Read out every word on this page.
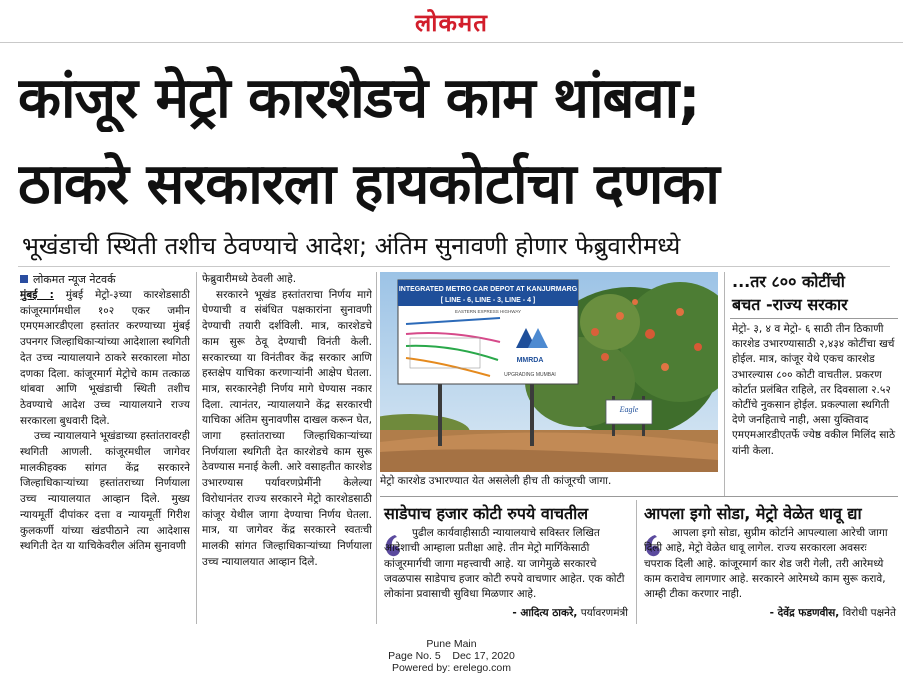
लोकमत
कांजूर मेट्रो कारशेडचे काम थांबवा;
ठाकरे सरकारला हायकोर्टाचा दणका
भूखंडाची स्थिती तशीच ठेवण्याचे आदेश; अंतिम सुनावणी होणार फेब्रुवारीमध्ये
लोकमत न्यूज नेटवर्क

मुंबई : मुंबई मेट्रो-३च्या कारशेडसाठी कांजूरमार्गमधील १०२ एकर जमीन एमएमआरडीएला हस्तांतर करण्याच्या मुंबई उपनगर जिल्हाधिकाऱ्यांच्या आदेशाला स्थगिती देत उच्च न्यायालयाने ठाकरे सरकारला मोठा दणका दिला. कांजूरमार्ग मेट्रोचे काम तत्काळ थांबवा आणि भूखंडाची स्थिती तशीच ठेवण्याचे आदेश उच्च न्यायालयाने राज्य सरकारला बुधवारी दिले.

उच्च न्यायालयाने भूखंडाच्या हस्तांतरावरही स्थगिती आणली. कांजूरमधील जागेवर मालकीहक्क सांगत केंद्र सरकारने जिल्हाधिकाऱ्यांच्या हस्तांतराच्या निर्णयाला उच्च न्यायालयात आव्हान दिले. मुख्य न्यायमूर्ती दीपांकर दत्ता व न्यायमूर्ती गिरीश कुलकर्णी यांच्या खंडपीठाने त्या आदेशास स्थगिती देत या याचिकेवरील अंतिम सुनावणी

फेब्रुवारीमध्ये ठेवली आहे.

सरकारने भूखंड हस्तांतराचा निर्णय मागे घेण्याची व संबंधित पक्षकारांना सुनावणी देण्याची तयारी दर्शविली. मात्र, कारशेडचे काम सुरू ठेवू देण्याची विनंती केली. सरकारच्या या विनंतीवर केंद्र सरकार आणि हस्तक्षेप याचिका करणाऱ्यांनी आक्षेप घेतला. मात्र, सरकारनेही निर्णय मागे घेण्यास नकार दिला. त्यानंतर, न्यायालयाने केंद्र सरकारची याचिका अंतिम सुनावणीस दाखल करून घेत, जागा हस्तांतराच्या जिल्हाधिकाऱ्यांच्या निर्णयाला स्थगिती देत कारशेडचे काम सुरू ठेवण्यास मनाई केली. आरे वसाहतीत कारशेड उभारण्यास पर्यावरणप्रेमींनी केलेल्या विरोधानंतर राज्य सरकारने मेट्रो कारशेडसाठी कांजूर येथील जागा देण्याचा निर्णय घेतला. मात्र, या जागेवर केंद्र सरकारने स्वतःची मालकी सांगत जिल्हाधिकाऱ्यांच्या निर्णयाला उच्च न्यायालयात आव्हान दिले.

INTEGRATED METRO CAR DEPOT AT KANJURMARG
[ LINE - 6, LINE - 3, LINE - 4 ]
EASTERN EXPRESS HIGHWAY
MMRDA
UPGRADING MUMBAI
Eagle
मेट्रो कारशेड उभारण्यात येत असलेली हीच ती कांजूरची जागा.
...तर ८०० कोटींची
बचत -राज्य सरकार
मेट्रो- ३, ४ व मेट्रो- ६ साठी तीन ठिकाणी कारशेड उभारण्यासाठी २,४३४ कोटींचा खर्च होईल. मात्र, कांजूर येथे एकच कारशेड उभारल्यास ८०० कोटी वाचतील. प्रकरण कोर्टात प्रलंबित राहिले, तर दिवसाला २.५२ कोटींचे नुकसान होईल. प्रकल्पाला स्थगिती देणे जनहिताचे नाही, असा युक्तिवाद एमएमआरडीएतर्फे ज्येष्ठ वकील मिलिंद साठे यांनी केला.
साडेपाच हजार कोटी रुपये वाचतील
पुढील कार्यवाहीसाठी न्यायालयाचे सविस्तर लिखित आदेशाची आम्हाला प्रतीक्षा आहे. तीन मेट्रो मार्गिकेसाठी कांजूरमार्गची जागा महत्त्वाची आहे. या जागेमुळे सरकारचे जवळपास साडेपाच हजार कोटी रुपये वाचणार आहेत. एक कोटी लोकांना प्रवासाची सुविधा मिळणार आहे.
- आदित्य ठाकरे, पर्यावरणमंत्री
आपला इगो सोडा, मेट्रो वेळेत धावू द्या
आपला इगो सोडा, सुप्रीम कोर्टाने आपल्याला आरेची जागा दिली आहे, मेट्रो वेळेत धावू लागेल. राज्य सरकारला अवसरः चपराक दिली आहे. कांजूरमार्ग कार शेड जरी गेली, तरी आरेमध्ये काम करावेच लागणार आहे. सरकारने आरेमध्ये काम सुरू करावे, आम्ही टीका करणार नाही.
- देवेंद्र फडणवीस, विरोधी पक्षनेते
Pune Main
Page No. 5 Dec 17, 2020
Powered by: erelego.com
